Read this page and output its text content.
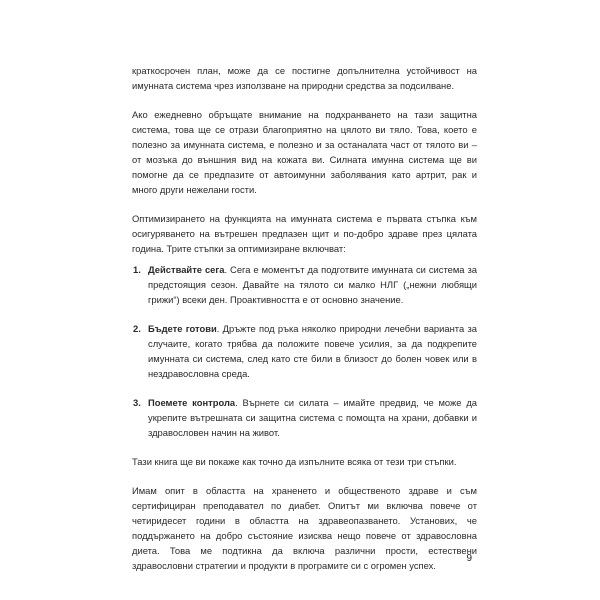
краткосрочен план, може да се постигне допълнителна устойчивост на имунната система чрез използване на природни средства за подсилване.

Ако ежедневно обръщате внимание на подхранването на тази защитна система, това ще се отрази благоприятно на цялото ви тяло. Това, което е полезно за имунната система, е полезно и за останалата част от тялото ви – от мозъка до външния вид на кожата ви. Силната имунна система ще ви помогне да се предпазите от автоимунни заболявания като артрит, рак и много други нежелани гости.

Оптимизирането на функцията на имунната система е първата стъпка към осигуряването на вътрешен предпазен щит и по-добро здраве през цялата година. Трите стъпки за оптимизиране включват:

1. Действайте сега. Сега е моментът да подготвите имунната си система за предстоящия сезон. Давайте на тялото си малко НЛГ („нежни любящи грижи“) всеки ден. Проактивността е от основно значение.
2. Бъдете готови. Дръжте под ръка няколко природни лечебни варианта за случаите, когато трябва да положите повече усилия, за да подкрепите имунната си система, след като сте били в близост до болен човек или в нездравословна среда.
3. Поемете контрола. Върнете си силата – имайте предвид, че може да укрепите вътрешната си защитна система с помощта на храни, добавки и здравословен начин на живот.

Тази книга ще ви покаже как точно да изпълните всяка от тези три стъпки.

Имам опит в областта на храненето и общественото здраве и съм сертифициран преподавател по диабет. Опитът ми включва повече от четиридесет години в областта на здравеопазването. Установих, че поддържането на добро състояние изисква нещо повече от здравословна диета. Това ме подтикна да включа различни прости, естествени здравословни стратегии и продукти в програмите си с огромен успех.

9
